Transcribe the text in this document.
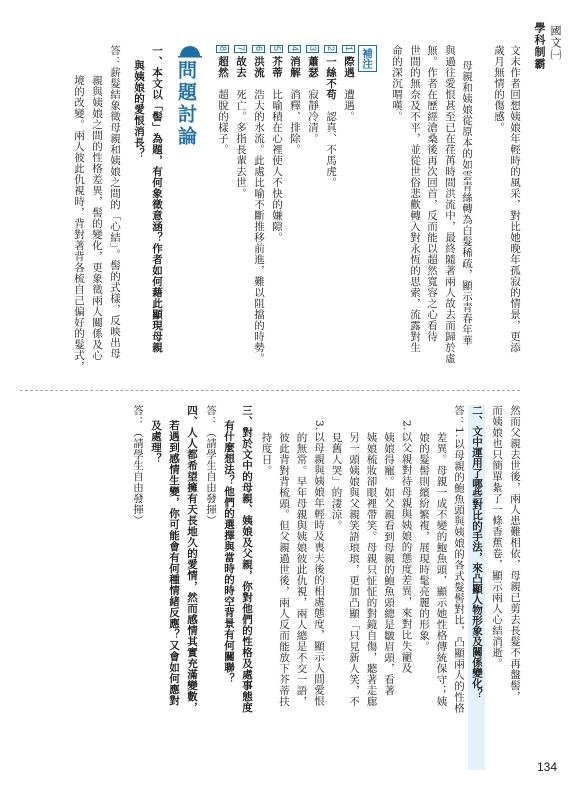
學科制霸 國文㈠
134
文末作者回想姨娘年輕時的風采，對比她晚年孤寂的情景，更添
歲月無情的傷感。
母親和姨娘從原本的如雲青絲轉為白髮稀疏，顯示青春年華
與過往愛恨甚至已在荏苒時間洪流中，最終隨著兩人故去而歸於虛
無。作者在歷經滄桑後再次回首，反而能以超然寬容之心看待
世間的無奈及不平，並從世俗悲歡轉入對永恆的思索，流露對生
命的深沉喟嘆。
補注
1際遇　遭遇。
2一絲不苟　認真、不馬虎。
3蕭瑟　寂靜冷清。
4消解　消釋、排除。
5芥蒂　比喻積在心裡使人不快的嫌隙。
6洪流　浩大的水流。此處比喻不斷推移前進，難以阻擋的時勢。
7故去　死亡。多指長輩去世。
8超然　超脫的樣子。
問題討論
一、本文以「髻」為題，有何象徵意涵？作者如何藉此顯現母親
與姨娘的愛恨消長？
答：薪髮結象徵母親和姨娘之間的「心結」。髻的式樣，反映出母
親與姨娘之間的性格差異，髻的變化，更象徵兩人關係及心
境的改變。兩人彼此仇視時，背對著背各梳自己偏好的髮式，
然而父親去世後，兩人患難相依，母親已剪去長髮不再盤髻，
而姨娘也只簡單紮了一條香蕉卷，顯示兩人心結消逝。
二、文中運用了哪些對比的手法，來凸顯人物形象及關係變化？
答：1.以母親的鮑魚頭與姨娘的各式髮髻對比，凸顯兩人的性格
差異。母親一成不變的鮑魚頭，顯示她性格傳統保守；姨
娘的髮髻則繽紛繁複，展現時髦亮麗的形象。
2.以父親對待母親與姨娘的態度差異，來對比失寵及
姨娘得寵。如父親看到母親的鮑魚頭總是皺眉頭，看著
姨娘梳妝卻眼裡帶笑。母親只怔怔的對鏡自傷，聽著走廊
另一頭姨娘與父親笑語琅琅，更加凸顯「只見新人笑，不
見舊人哭」的淒涼。
3.以母親與姨娘年輕時及喪夫後的相處態度，顯示人間愛恨
的無常。早年母親與姨娘彼此仇視，兩人總是不交一語，
彼此背對背梳頭。但父親過世後，兩人反而能放下芥蒂扶
持度日。
三、對於文中的母親、姨娘及父親，你對他們的性格及處事態度
有什麼想法？他們的選擇與當時的時空背景有何關聯？
答：（請學生自由發揮）
四、人人都希望擁有天長地久的愛情，然而感情其實充滿變數，
若遇到感情生變，你可能會有何種情緒反應？又會如何應對
及處理？
答：（請學生自由發揮）
